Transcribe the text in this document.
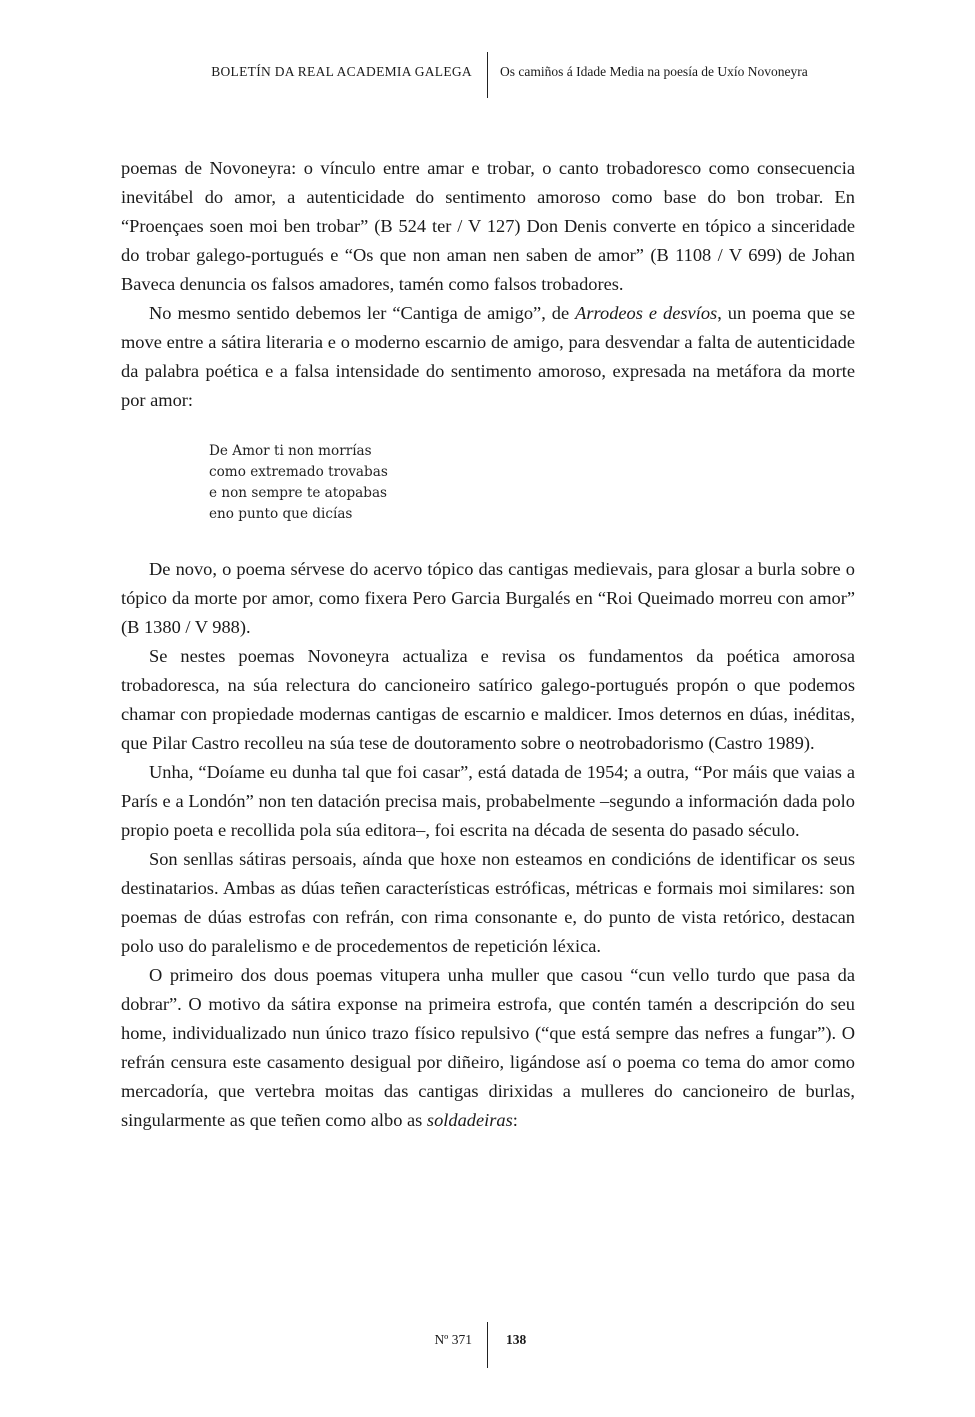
BOLETÍN DA REAL ACADEMIA GALEGA Os camiños á Idade Media na poesía de Uxío Novoneyra

poemas de Novoneyra: o vínculo entre amar e trobar, o canto trobadoresco como consecuencia inevitábel do amor, a autenticidade do sentimento amoroso como base do bon trobar. En “Proençaes soen moi ben trobar” (B 524 ter / V 127) Don Denis converte en tópico a sinceridade do trobar galego-portugués e “Os que non aman nen saben de amor” (B 1108 / V 699) de Johan Baveca denuncia os falsos amadores, tamén como falsos trobadores.

No mesmo sentido debemos ler “Cantiga de amigo”, de Arrodeos e desvíos, un poema que se move entre a sátira literaria e o moderno escarnio de amigo, para desvendar a falta de autenticidade da palabra poética e a falsa intensidade do sentimento amoroso, expresada na metáfora da morte por amor:

De Amor ti non morrías
como extremado trovabas
e non sempre te atopabas
eno punto que dicías

De novo, o poema sérvese do acervo tópico das cantigas medievais, para glosar a burla sobre o tópico da morte por amor, como fixera Pero Garcia Burgalés en “Roi Queimado morreu con amor” (B 1380 / V 988).

Se nestes poemas Novoneyra actualiza e revisa os fundamentos da poética amorosa trobadoresca, na súa relectura do cancioneiro satírico galego-portugués propón o que podemos chamar con propiedade modernas cantigas de escarnio e maldicer. Imos deternos en dúas, inéditas, que Pilar Castro recolleu na súa tese de doutoramento sobre o neotrobadorismo (Castro 1989).

Unha, “Doíame eu dunha tal que foi casar”, está datada de 1954; a outra, “Por máis que vaias a París e a Londón” non ten datación precisa mais, probabelmente –segundo a información dada polo propio poeta e recollida pola súa editora–, foi escrita na década de sesenta do pasado século.

Son senllas sátiras persoais, aínda que hoxe non esteamos en condicións de identificar os seus destinatarios. Ambas as dúas teñen características estróficas, métricas e formais moi similares: son poemas de dúas estrofas con refrán, con rima consonante e, do punto de vista retórico, destacan polo uso do paralelismo e de procedementos de repetición léxica.

O primeiro dos dous poemas vitupera unha muller que casou “cun vello turdo que pasa da dobrar”. O motivo da sátira exponse na primeira estrofa, que contén tamén a descripción do seu home, individualizado nun único trazo físico repulsivo (“que está sempre das nefres a fungar”). O refrán censura este casamento desigual por diñeiro, ligándose así o poema co tema do amor como mercadoría, que vertebra moitas das cantigas dirixidas a mulleres do cancioneiro de burlas, singularmente as que teñen como albo as soldadeiras:

Nº 371	138
